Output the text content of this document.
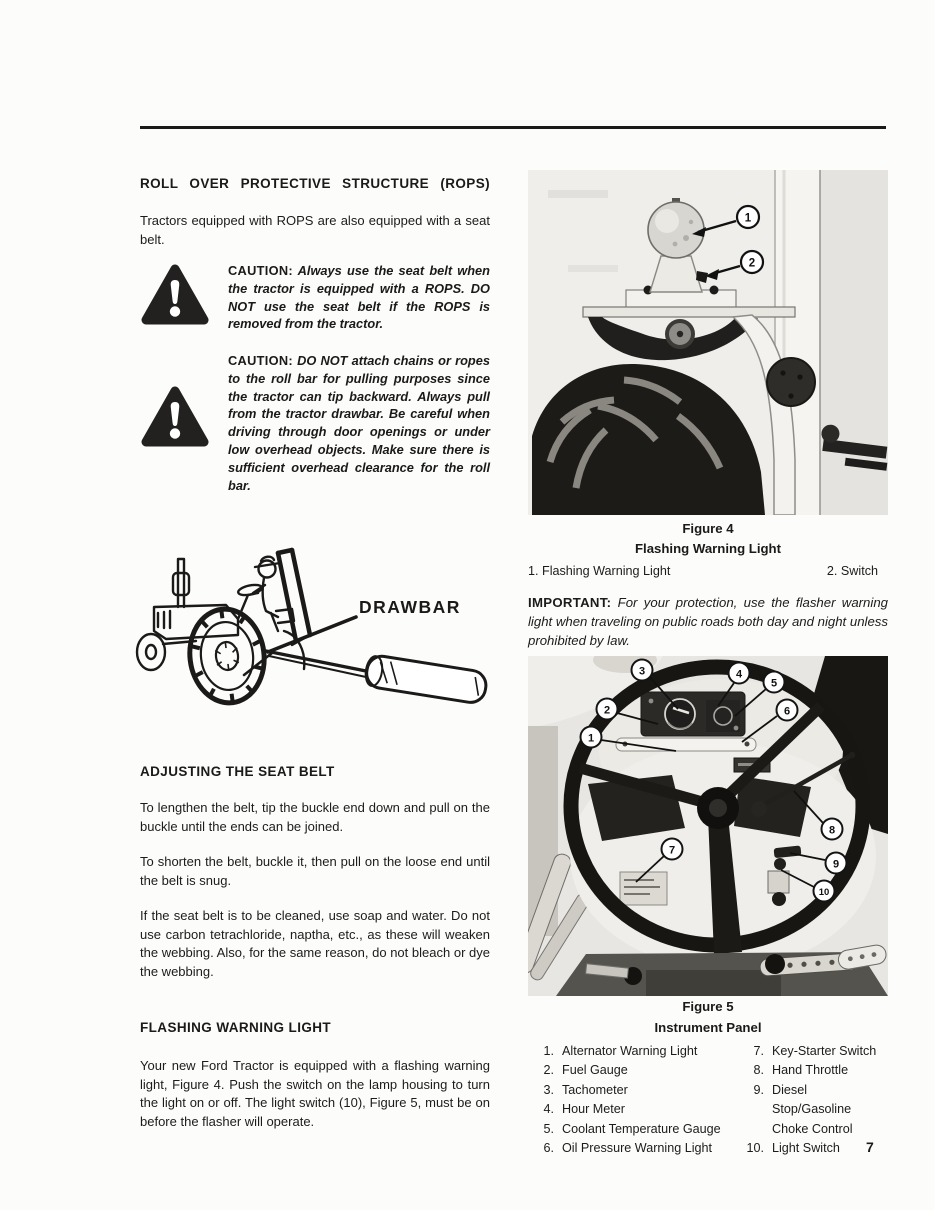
ROLL OVER PROTECTIVE STRUCTURE (ROPS)

Tractors equipped with ROPS are also equipped with a seat belt.

CAUTION: Always use the seat belt when the tractor is equipped with a ROPS. DO NOT use the seat belt if the ROPS is removed from the tractor.
CAUTION: DO NOT attach chains or ropes to the roll bar for pulling purposes since the tractor can tip backward. Always pull from the tractor drawbar. Be careful when driving through door openings or under low overhead objects. Make sure there is sufficient overhead clearance for the roll bar.
DRAWBAR
ADJUSTING THE SEAT BELT

To lengthen the belt, tip the buckle end down and pull on the buckle until the ends can be joined.

To shorten the belt, buckle it, then pull on the loose end until the belt is snug.

If the seat belt is to be cleaned, use soap and water. Do not use carbon tetrachloride, naptha, etc., as these will weaken the webbing. Also, for the same reason, do not bleach or dye the webbing.

FLASHING WARNING LIGHT

Your new Ford Tractor is equipped with a flashing warning light, Figure 4. Push the switch on the lamp housing to turn the light on or off. The light switch (10), Figure 5, must be on before the flasher will operate.

1
2

Figure 4

Flashing Warning Light

1. Flashing Warning Light	2. Switch

IMPORTANT: For your protection, use the flasher warning light when traveling on public roads both day and night unless prohibited by law.

1
2
3	4
5
6
7
8
9
10

Figure 5

Instrument Panel

1. Alternator Warning Light
2. Fuel Gauge
3. Tachometer
4. Hour Meter
5. Coolant Temperature Gauge
6. Oil Pressure Warning Light
7. Key-Starter Switch
8. Hand Throttle
9. Diesel Stop/Gasoline
Choke Control
10. Light Switch	7
